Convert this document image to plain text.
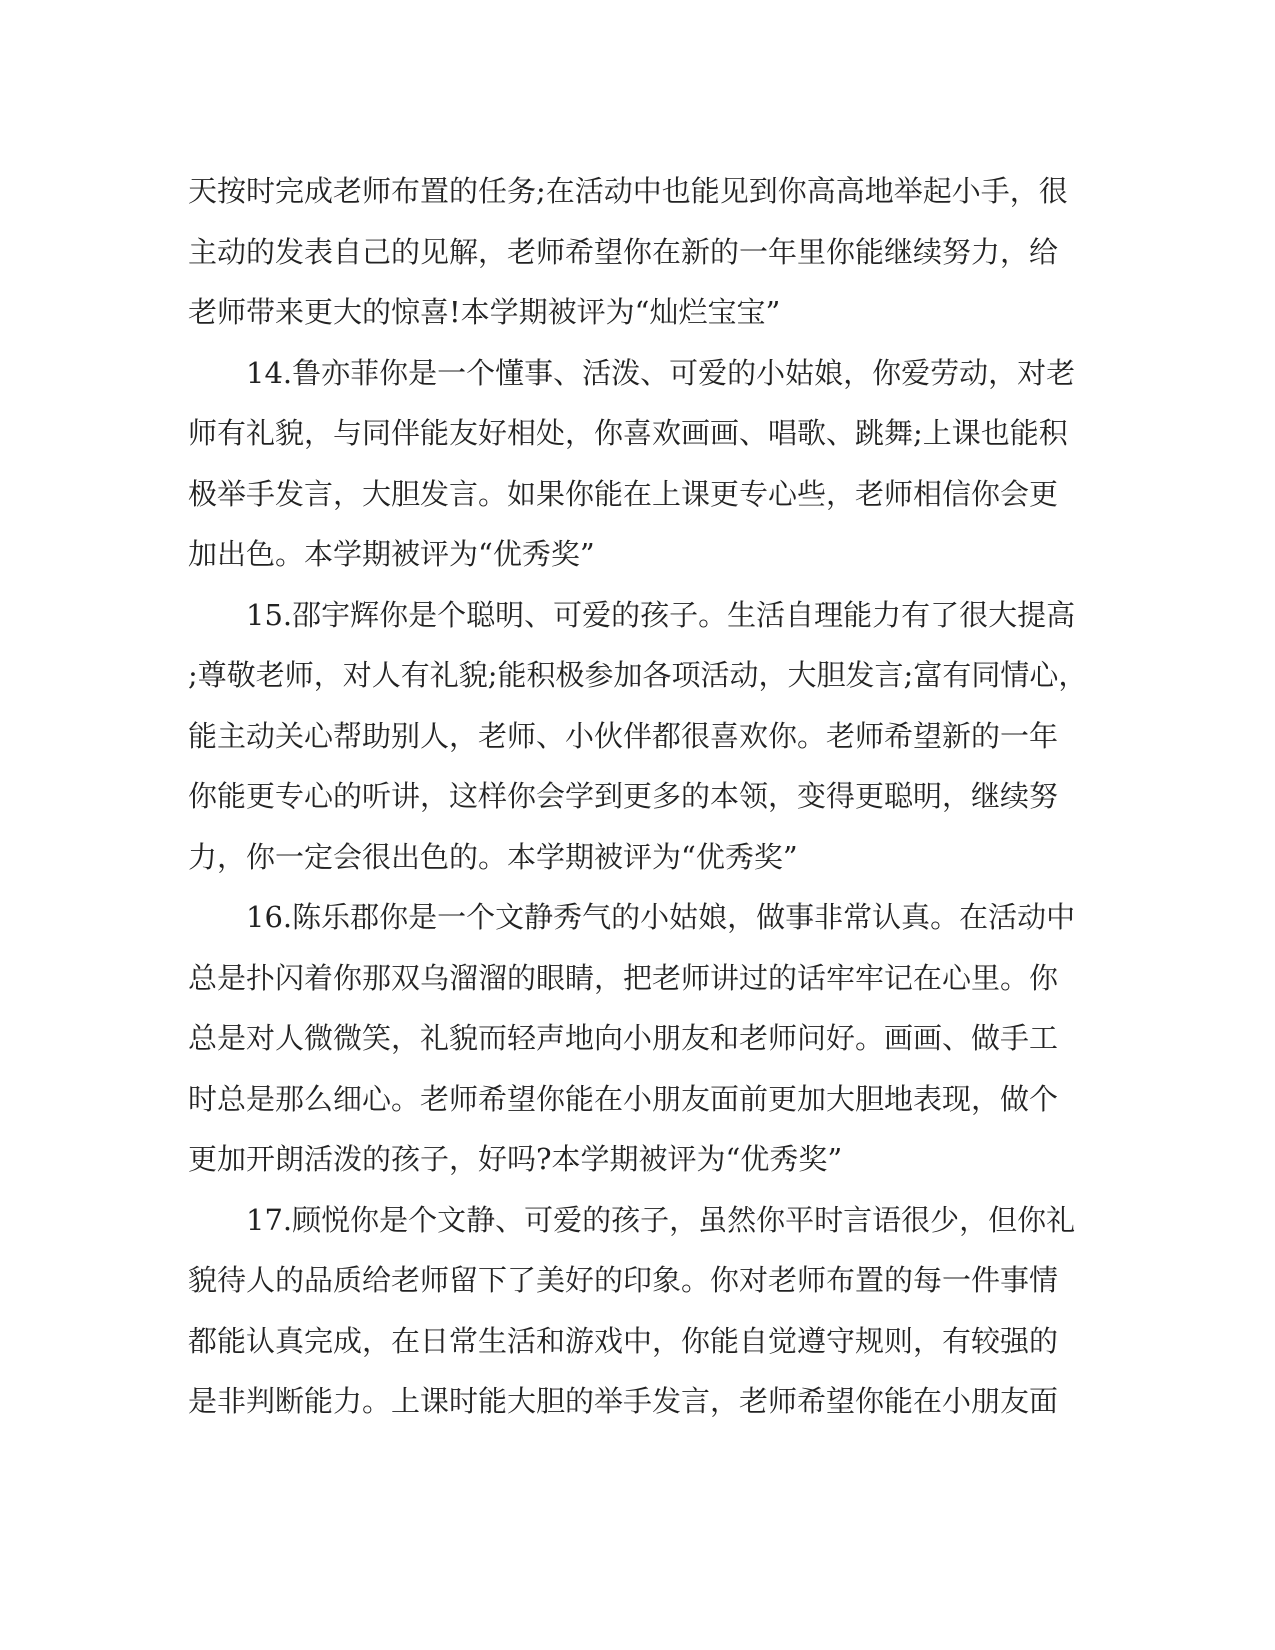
天按时完成老师布置的任务;在活动中也能见到你高高地举起小手，很
主动的发表自己的见解，老师希望你在新的一年里你能继续努力，给
老师带来更大的惊喜!本学期被评为“灿烂宝宝”
　　14.鲁亦菲你是一个懂事、活泼、可爱的小姑娘，你爱劳动，对老
师有礼貌，与同伴能友好相处，你喜欢画画、唱歌、跳舞;上课也能积
极举手发言，大胆发言。如果你能在上课更专心些，老师相信你会更
加出色。本学期被评为“优秀奖”
　　15.邵宇辉你是个聪明、可爱的孩子。生活自理能力有了很大提高
;尊敬老师，对人有礼貌;能积极参加各项活动，大胆发言;富有同情心，
能主动关心帮助别人，老师、小伙伴都很喜欢你。老师希望新的一年
你能更专心的听讲，这样你会学到更多的本领，变得更聪明，继续努
力，你一定会很出色的。本学期被评为“优秀奖”
　　16.陈乐郡你是一个文静秀气的小姑娘，做事非常认真。在活动中
总是扑闪着你那双乌溜溜的眼睛，把老师讲过的话牢牢记在心里。你
总是对人微微笑，礼貌而轻声地向小朋友和老师问好。画画、做手工
时总是那么细心。老师希望你能在小朋友面前更加大胆地表现，做个
更加开朗活泼的孩子，好吗?本学期被评为“优秀奖”
　　17.顾悦你是个文静、可爱的孩子，虽然你平时言语很少，但你礼
貌待人的品质给老师留下了美好的印象。你对老师布置的每一件事情
都能认真完成，在日常生活和游戏中，你能自觉遵守规则，有较强的
是非判断能力。上课时能大胆的举手发言，老师希望你能在小朋友面
